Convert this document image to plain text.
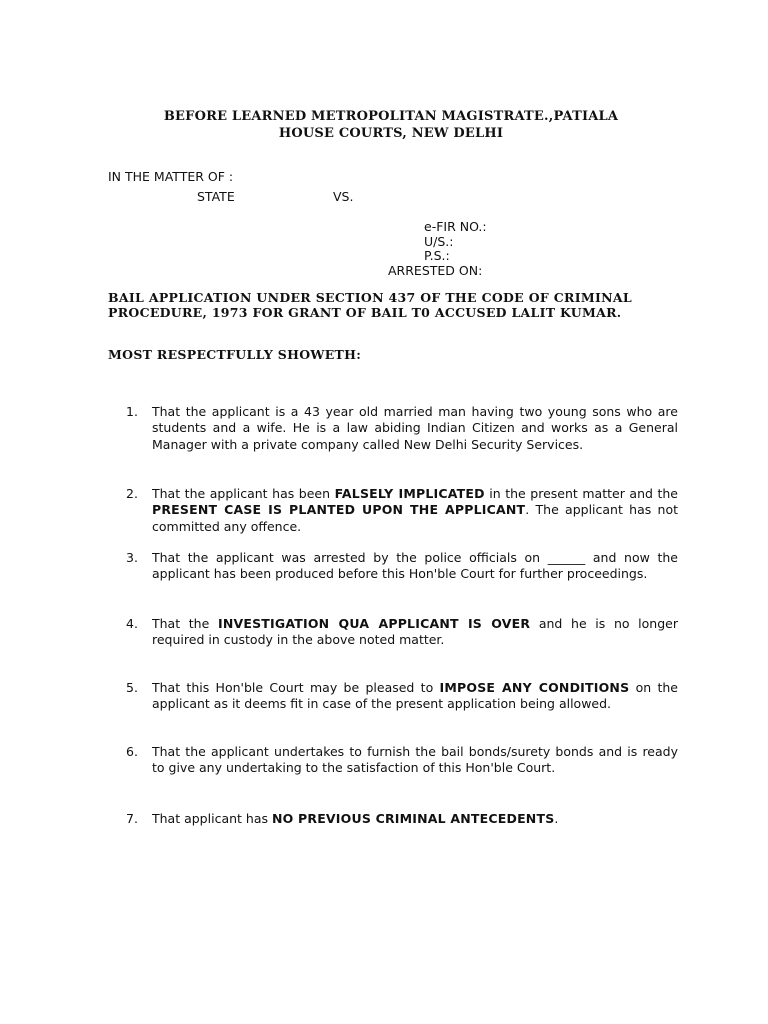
BEFORE LEARNED METROPOLITAN MAGISTRATE.,PATIALA
HOUSE COURTS, NEW DELHI
IN THE MATTER OF :
STATE	VS.
e-FIR NO.:
U/S.:
P.S.:
ARRESTED ON:
BAIL APPLICATION UNDER SECTION 437 OF THE CODE OF CRIMINAL PROCEDURE, 1973 FOR GRANT OF BAIL T0 ACCUSED LALIT KUMAR.
MOST RESPECTFULLY SHOWETH:
1.	That the applicant is a 43 year old married man having two young sons who are students and a wife. He is a law abiding Indian Citizen and works as a General Manager with a private company called New Delhi Security Services.
2.	That the applicant has been FALSELY IMPLICATED in the present matter and the PRESENT CASE IS PLANTED UPON THE APPLICANT. The applicant has not committed any offence.
3.	That the applicant was arrested by the police officials on ______ and now the applicant has been produced before this Hon'ble Court for further proceedings.
4.	That the INVESTIGATION QUA APPLICANT IS OVER and he is no longer required in custody in the above noted matter.
5.	That this Hon'ble Court may be pleased to IMPOSE ANY CONDITIONS on the applicant as it deems fit in case of the present application being allowed.
6.	That the applicant undertakes to furnish the bail bonds/surety bonds and is ready to give any undertaking to the satisfaction of this Hon'ble Court.
7.	That applicant has NO PREVIOUS CRIMINAL ANTECEDENTS.
